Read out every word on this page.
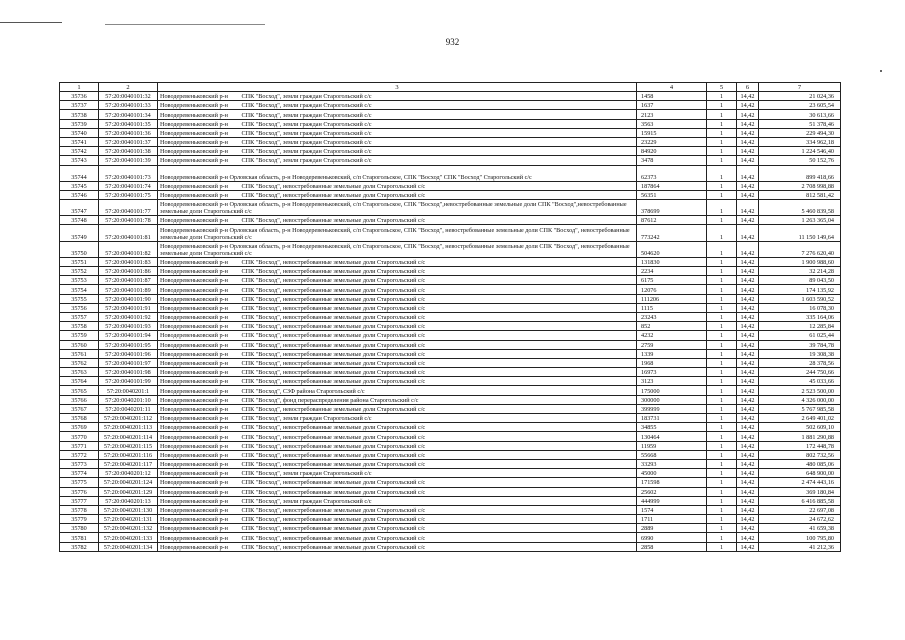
932
1	2	3		4	5	6	7
35736	57:20:0040101:32	Новодеревеньковский р-н	СПК "Восход", земли граждан Старогольский с/с	1458	1	14,42	21 024,36
35737	57:20:0040101:33	Новодеревеньковский р-н	СПК "Восход", земли граждан Старогольский с/с	1637	1	14,42	23 605,54
35738	57:20:0040101:34	Новодеревеньковский р-н	СПК "Восход", земли граждан Старогольский с/с	2123	1	14,42	30 613,66
35739	57:20:0040101:35	Новодеревеньковский р-н	СПК "Восход", земли граждан Старогольский с/с	3563	1	14,42	51 378,46
35740	57:20:0040101:36	Новодеревеньковский р-н	СПК "Восход", земли граждан Старогольский с/с	15915	1	14,42	229 494,30
35741	57:20:0040101:37	Новодеревеньковский р-н	СПК "Восход", земли граждан Старогольский с/с	23229	1	14,42	334 962,18
35742	57:20:0040101:38	Новодеревеньковский р-н	СПК "Восход", земли граждан Старогольский с/с	84920	1	14,42	1 224 546,40
35743	57:20:0040101:39	Новодеревеньковский р-н	СПК "Восход", земли граждан Старогольский с/с	3478	1	14,42	50 152,76
35744	57:20:0040101:73	Новодеревеньковский р-н Орловская область, р-н Новодеревеньковский, с/п Старогольское, СПК "Восход" СПК "Восход" Старогольский с/с		62373	1	14,42	899 418,66
35745	57:20:0040101:74	Новодеревеньковский р-н	СПК "Восход", невостребованные земельные доли Старогольский с/с	187864	1	14,42	2 708 998,88
35746	57:20:0040101:75	Новодеревеньковский р-н	СПК "Восход", невостребованные земельные доли Старогольский с/с	56351	1	14,42	812 581,42
35747	57:20:0040101:77	Новодеревеньковский р-н Орловская область, р-н Новодеревеньковский, с/п Старогольское, СПК "Восход",невостребованные земельные доли СПК "Восход",невостребованные земельные доли Старогольский с/с		378699	1	14,42	5 460 839,58
35748	57:20:0040101:78	Новодеревеньковский р-н	СПК "Восход", невостребованные земельные доли Старогольский с/с	87612	1	14,42	1 263 365,04
35749	57:20:0040101:81	Новодеревеньковский р-н Орловская область, р-н Новодеревеньковский, с/п Старогольское, СПК "Восход", невостребованные земельные доли СПК "Восход", невостребованные земельные доли Старогольский с/с		773242	1	14,42	11 150 149,64
35750	57:20:0040101:82	Новодеревеньковский р-н Орловская область, р-н Новодеревеньковский, с/п Старогольское, СПК "Восход", невостребованные земельные доли СПК "Восход", невостребованные земельные доли Старогольский с/с		504620	1	14,42	7 276 620,40
35751	57:20:0040101:83	Новодеревеньковский р-н	СПК "Восход", невостребованные земельные доли Старогольский с/с	131830	1	14,42	1 900 988,60
35752	57:20:0040101:86	Новодеревеньковский р-н	СПК "Восход", невостребованные земельные доли Старогольский с/с	2234	1	14,42	32 214,28
35753	57:20:0040101:87	Новодеревеньковский р-н	СПК "Восход", невостребованные земельные доли Старогольский с/с	6175	1	14,42	89 043,50
35754	57:20:0040101:89	Новодеревеньковский р-н	СПК "Восход", невостребованные земельные доли Старогольский с/с	12076	1	14,42	174 135,92
35755	57:20:0040101:90	Новодеревеньковский р-н	СПК "Восход", невостребованные земельные доли Старогольский с/с	111206	1	14,42	1 603 590,52
35756	57:20:0040101:91	Новодеревеньковский р-н	СПК "Восход", невостребованные земельные доли Старогольский с/с	1115	1	14,42	16 078,30
35757	57:20:0040101:92	Новодеревеньковский р-н	СПК "Восход", невостребованные земельные доли Старогольский с/с	23243	1	14,42	335 164,06
35758	57:20:0040101:93	Новодеревеньковский р-н	СПК "Восход", невостребованные земельные доли Старогольский с/с	852	1	14,42	12 285,84
35759	57:20:0040101:94	Новодеревеньковский р-н	СПК "Восход", невостребованные земельные доли Старогольский с/с	4232	1	14,42	61 025,44
35760	57:20:0040101:95	Новодеревеньковский р-н	СПК "Восход", невостребованные земельные доли Старогольский с/с	2759	1	14,42	39 784,78
35761	57:20:0040101:96	Новодеревеньковский р-н	СПК "Восход", невостребованные земельные доли Старогольский с/с	1339	1	14,42	19 308,38
35762	57:20:0040101:97	Новодеревеньковский р-н	СПК "Восход", невостребованные земельные доли Старогольский с/с	1968	1	14,42	28 378,56
35763	57:20:0040101:98	Новодеревеньковский р-н	СПК "Восход", невостребованные земельные доли Старогольский с/с	16973	1	14,42	244 750,66
35764	57:20:0040101:99	Новодеревеньковский р-н	СПК "Восход", невостребованные земельные доли Старогольский с/с	3123	1	14,42	45 033,66
35765	57:20:0040201:1	Новодеревеньковский р-н	СПК "Восход", СЗФ района Старогольский с/с	175000	1	14,42	2 523 500,00
35766	57:20:0040201:10	Новодеревеньковский р-н	СПК "Восход", фонд перераспределения района Старогольский с/с	300000	1	14,42	4 326 000,00
35767	57:20:0040201:11	Новодеревеньковский р-н	СПК "Восход", невостребованные земельные доли Старогольский с/с	399999	1	14,42	5 767 985,58
35768	57:20:0040201:112	Новодеревеньковский р-н	СПК "Восход", земли граждан Старогольский с/с	183731	1	14,42	2 649 401,02
35769	57:20:0040201:113	Новодеревеньковский р-н	СПК "Восход", невостребованные земельные доли Старогольский с/с	34855	1	14,42	502 609,10
35770	57:20:0040201:114	Новодеревеньковский р-н	СПК "Восход", невостребованные земельные доли Старогольский с/с	130464	1	14,42	1 881 290,88
35771	57:20:0040201:115	Новодеревеньковский р-н	СПК "Восход", невостребованные земельные доли Старогольский с/с	11959	1	14,42	172 448,78
35772	57:20:0040201:116	Новодеревеньковский р-н	СПК "Восход", невостребованные земельные доли Старогольский с/с	55668	1	14,42	802 732,56
35773	57:20:0040201:117	Новодеревеньковский р-н	СПК "Восход", невостребованные земельные доли Старогольский с/с	33293	1	14,42	480 085,06
35774	57:20:0040201:12	Новодеревеньковский р-н	СПК "Восход", земли граждан Старогольский с/с	45000	1	14,42	648 900,00
35775	57:20:0040201:124	Новодеревеньковский р-н	СПК "Восход", невостребованные земельные доли Старогольский с/с	171598	1	14,42	2 474 443,16
35776	57:20:0040201:129	Новодеревеньковский р-н	СПК "Восход", невостребованные земельные доли Старогольский с/с	25602	1	14,42	369 180,84
35777	57:20:0040201:13	Новодеревеньковский р-н	СПК "Восход", земли граждан Старогольский с/с	444999	1	14,42	6 416 885,58
35778	57:20:0040201:130	Новодеревеньковский р-н	СПК "Восход", невостребованные земельные доли Старогольский с/с	1574	1	14,42	22 697,08
35779	57:20:0040201:131	Новодеревеньковский р-н	СПК "Восход", невостребованные земельные доли Старогольский с/с	1711	1	14,42	24 672,62
35780	57:20:0040201:132	Новодеревеньковский р-н	СПК "Восход", невостребованные земельные доли Старогольский с/с	2889	1	14,42	41 659,38
35781	57:20:0040201:133	Новодеревеньковский р-н	СПК "Восход", невостребованные земельные доли Старогольский с/с	6990	1	14,42	100 795,80
35782	57:20:0040201:134	Новодеревеньковский р-н	СПК "Восход", невостребованные земельные доли Старогольский с/с	2858	1	14,42	41 212,36
